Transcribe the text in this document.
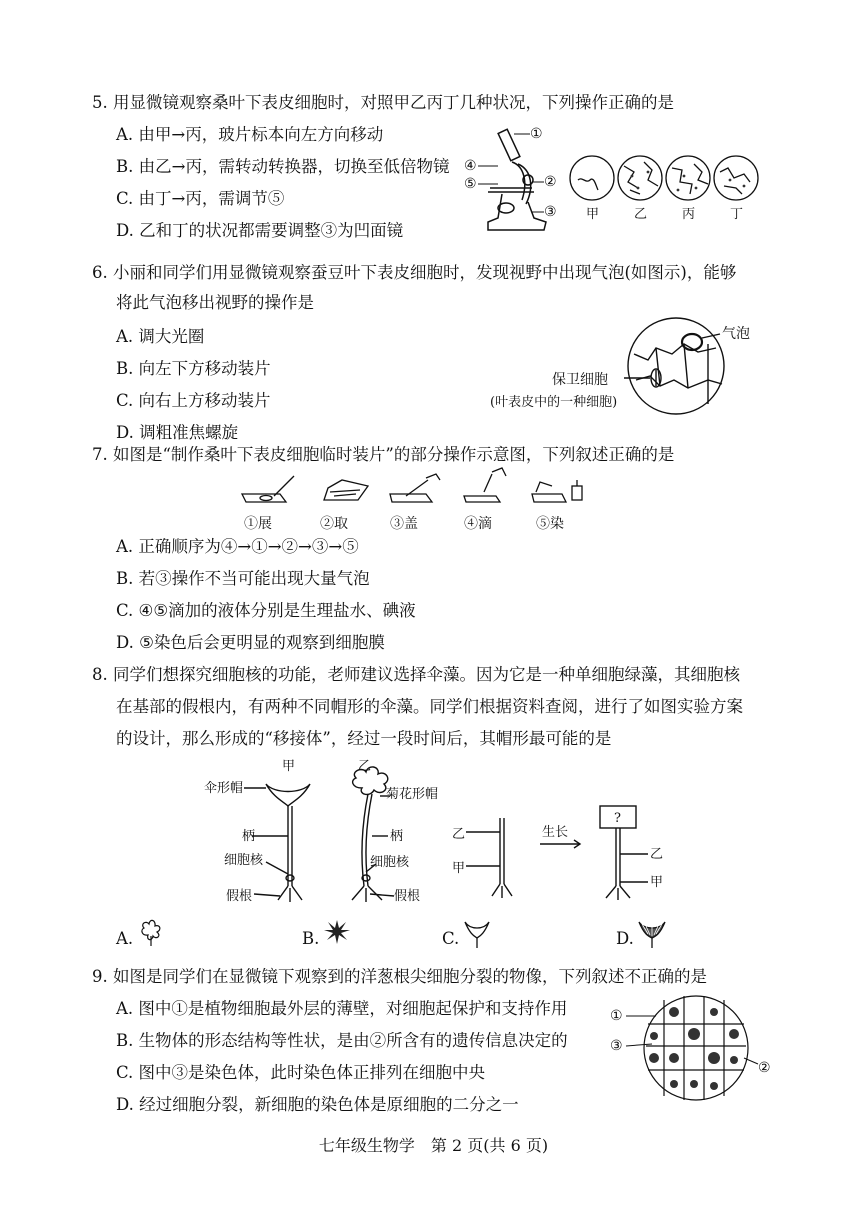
5. 用显微镜观察桑叶下表皮细胞时，对照甲乙丙丁几种状况，下列操作正确的是
A. 由甲→丙，玻片标本向左方向移动
B. 由乙→丙，需转动转换器，切换至低倍物镜
C. 由丁→丙，需调节⑤
D. 乙和丁的状况都需要调整③为凹面镜
①
④
⑤	②
③ 甲	乙	丙	丁
6. 小丽和同学们用显微镜观察蚕豆叶下表皮细胞时，发现视野中出现气泡(如图示)，能够
将此气泡移出视野的操作是
A. 调大光圈
B. 向左下方移动装片
C. 向右上方移动装片
D. 调粗准焦螺旋
气泡
保卫细胞
(叶表皮中的一种细胞)
7. 如图是“制作桑叶下表皮细胞临时装片”的部分操作示意图，下列叙述正确的是
①展	②取	③盖	④滴	⑤染
A. 正确顺序为④→①→②→③→⑤
B. 若③操作不当可能出现大量气泡
C. ④⑤滴加的液体分别是生理盐水、碘液
D. ⑤染色后会更明显的观察到细胞膜
8. 同学们想探究细胞核的功能，老师建议选择伞藻。因为它是一种单细胞绿藻，其细胞核
在基部的假根内，有两种不同帽形的伞藻。同学们根据资料查阅，进行了如图实验方案
的设计，那么形成的“移接体”，经过一段时间后，其帽形最可能的是
甲	乙
伞形帽	菊花形帽
柄	柄
细胞核	细胞核
假根	假根
乙
甲
生长
?
乙
甲
A.	B.	C.	D.
9. 如图是同学们在显微镜下观察到的洋葱根尖细胞分裂的物像，下列叙述不正确的是
A. 图中①是植物细胞最外层的薄壁，对细胞起保护和支持作用
B. 生物体的形态结构等性状，是由②所含有的遗传信息决定的
C. 图中③是染色体，此时染色体正排列在细胞中央
D. 经过细胞分裂，新细胞的染色体是原细胞的二分之一
①
③
②
七年级生物学　第 2 页(共 6 页)
